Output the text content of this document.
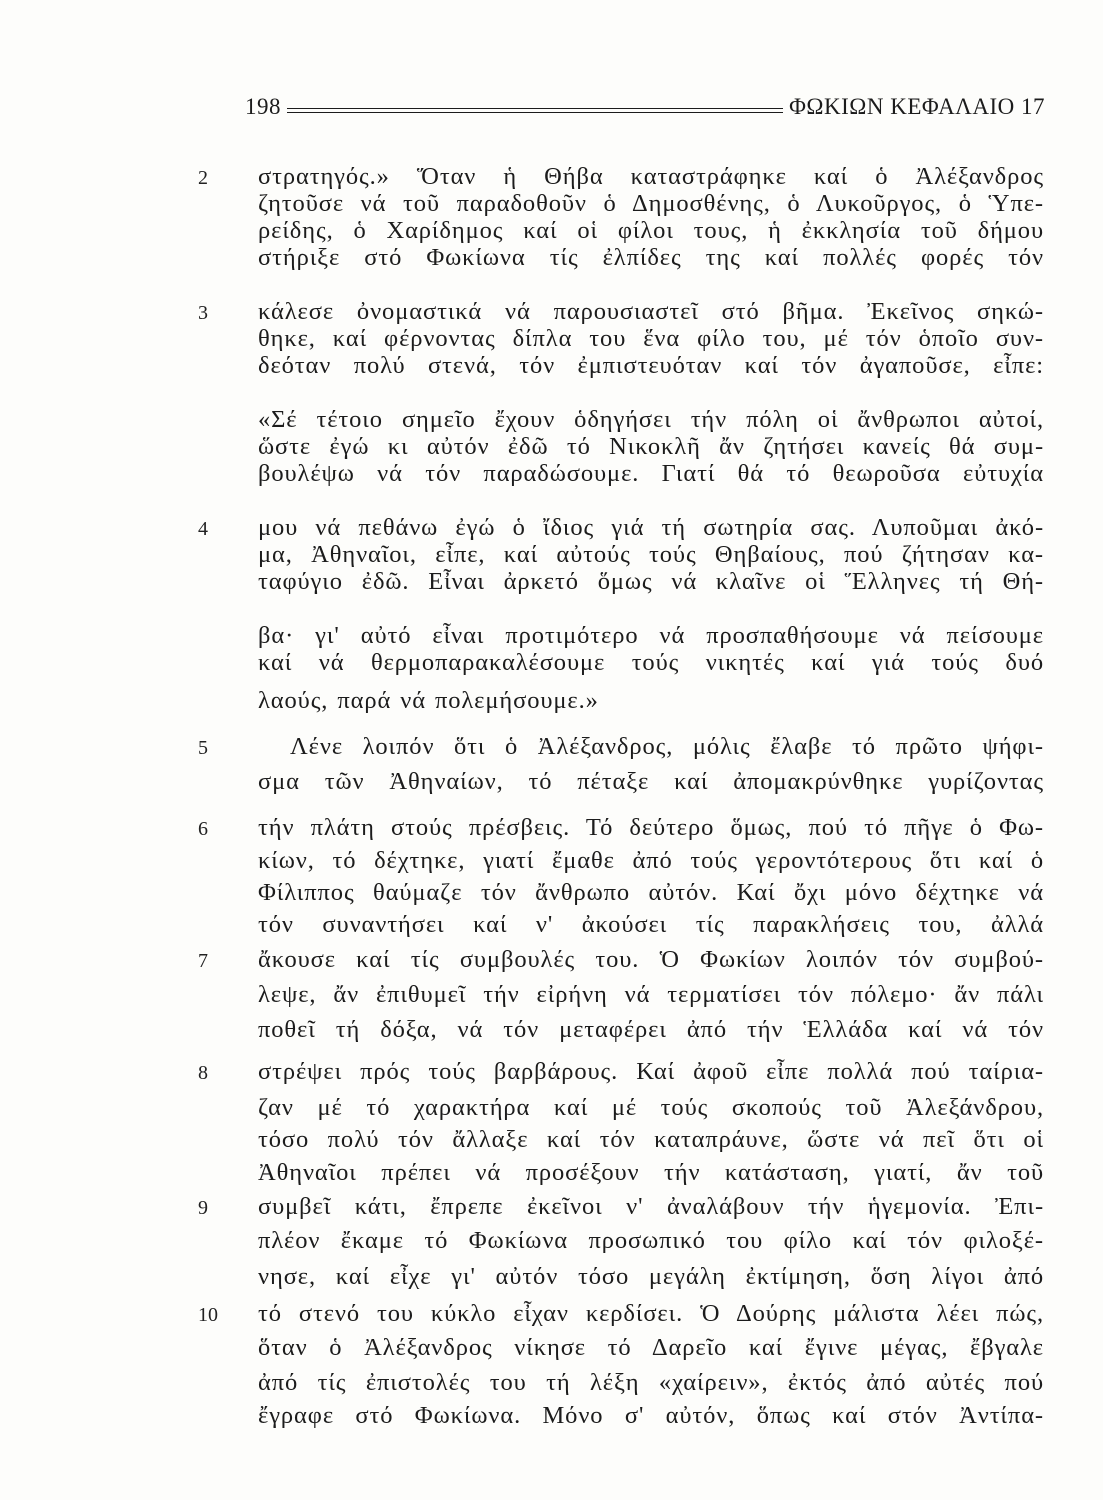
198	ΦΩΚΙΩΝ ΚΕΦΑΛΑΙΟ 17
2
3
4
5
6
7
8
9
10
στρατηγός.» Ὅταν ἡ Θήβα καταστράφηκε καί ὁ Ἀλέξανδρος
ζητοῦσε νά τοῦ παραδοθοῦν ὁ Δημοσθένης, ὁ Λυκοῦργος, ὁ Ὑπε-
ρείδης, ὁ Χαρίδημος καί οἱ φίλοι τους, ἡ ἐκκλησία τοῦ δήμου
στήριξε στό Φωκίωνα τίς ἐλπίδες της καί πολλές φορές τόν
κάλεσε ὀνομαστικά νά παρουσιαστεῖ στό βῆμα. Ἐκεῖνος σηκώ-
θηκε, καί φέρνοντας δίπλα του ἕνα φίλο του, μέ τόν ὁποῖο συν-
δεόταν πολύ στενά, τόν ἐμπιστευόταν καί τόν ἀγαποῦσε, εἶπε:
«Σέ τέτοιο σημεῖο ἔχουν ὁδηγήσει τήν πόλη οἱ ἄνθρωποι αὐτοί,
ὥστε ἐγώ κι αὐτόν ἐδῶ τό Νικοκλῆ ἄν ζητήσει κανείς θά συμ-
βουλέψω νά τόν παραδώσουμε. Γιατί θά τό θεωροῦσα εὐτυχία
μου νά πεθάνω ἐγώ ὁ ἴδιος γιά τή σωτηρία σας. Λυποῦμαι ἀκό-
μα, Ἀθηναῖοι, εἶπε, καί αὐτούς τούς Θηβαίους, πού ζήτησαν κα-
ταφύγιο ἐδῶ. Εἶναι ἀρκετό ὅμως νά κλαῖνε οἱ Ἕλληνες τή Θή-
βα· γι' αὐτό εἶναι προτιμότερο νά προσπαθήσουμε νά πείσουμε
καί νά θερμοπαρακαλέσουμε τούς νικητές καί γιά τούς δυό
λαούς, παρά νά πολεμήσουμε.»
Λένε λοιπόν ὅτι ὁ Ἀλέξανδρος, μόλις ἔλαβε τό πρῶτο ψήφι-
σμα τῶν Ἀθηναίων, τό πέταξε καί ἀπομακρύνθηκε γυρίζοντας
τήν πλάτη στούς πρέσβεις. Τό δεύτερο ὅμως, πού τό πῆγε ὁ Φω-
κίων, τό δέχτηκε, γιατί ἔμαθε ἀπό τούς γεροντότερους ὅτι καί ὁ
Φίλιππος θαύμαζε τόν ἄνθρωπο αὐτόν. Καί ὄχι μόνο δέχτηκε νά
τόν συναντήσει καί ν' ἀκούσει τίς παρακλήσεις του, ἀλλά
ἄκουσε καί τίς συμβουλές του. Ὁ Φωκίων λοιπόν τόν συμβού-
λεψε, ἄν ἐπιθυμεῖ τήν εἰρήνη νά τερματίσει τόν πόλεμο· ἄν πάλι
ποθεῖ τή δόξα, νά τόν μεταφέρει ἀπό τήν Ἑλλάδα καί νά τόν
στρέψει πρός τούς βαρβάρους. Καί ἀφοῦ εἶπε πολλά πού ταίρια-
ζαν μέ τό χαρακτήρα καί μέ τούς σκοπούς τοῦ Ἀλεξάνδρου,
τόσο πολύ τόν ἄλλαξε καί τόν καταπράυνε, ὥστε νά πεῖ ὅτι οἱ
Ἀθηναῖοι πρέπει νά προσέξουν τήν κατάσταση, γιατί, ἄν τοῦ
συμβεῖ κάτι, ἔπρεπε ἐκεῖνοι ν' ἀναλάβουν τήν ἡγεμονία. Ἐπι-
πλέον ἔκαμε τό Φωκίωνα προσωπικό του φίλο καί τόν φιλοξέ-
νησε, καί εἶχε γι' αὐτόν τόσο μεγάλη ἐκτίμηση, ὅση λίγοι ἀπό
τό στενό του κύκλο εἶχαν κερδίσει. Ὁ Δούρης μάλιστα λέει πώς,
ὅταν ὁ Ἀλέξανδρος νίκησε τό Δαρεῖο καί ἔγινε μέγας, ἔβγαλε
ἀπό τίς ἐπιστολές του τή λέξη «χαίρειν», ἐκτός ἀπό αὐτές πού
ἔγραφε στό Φωκίωνα. Μόνο σ' αὐτόν, ὅπως καί στόν Ἀντίπα-
